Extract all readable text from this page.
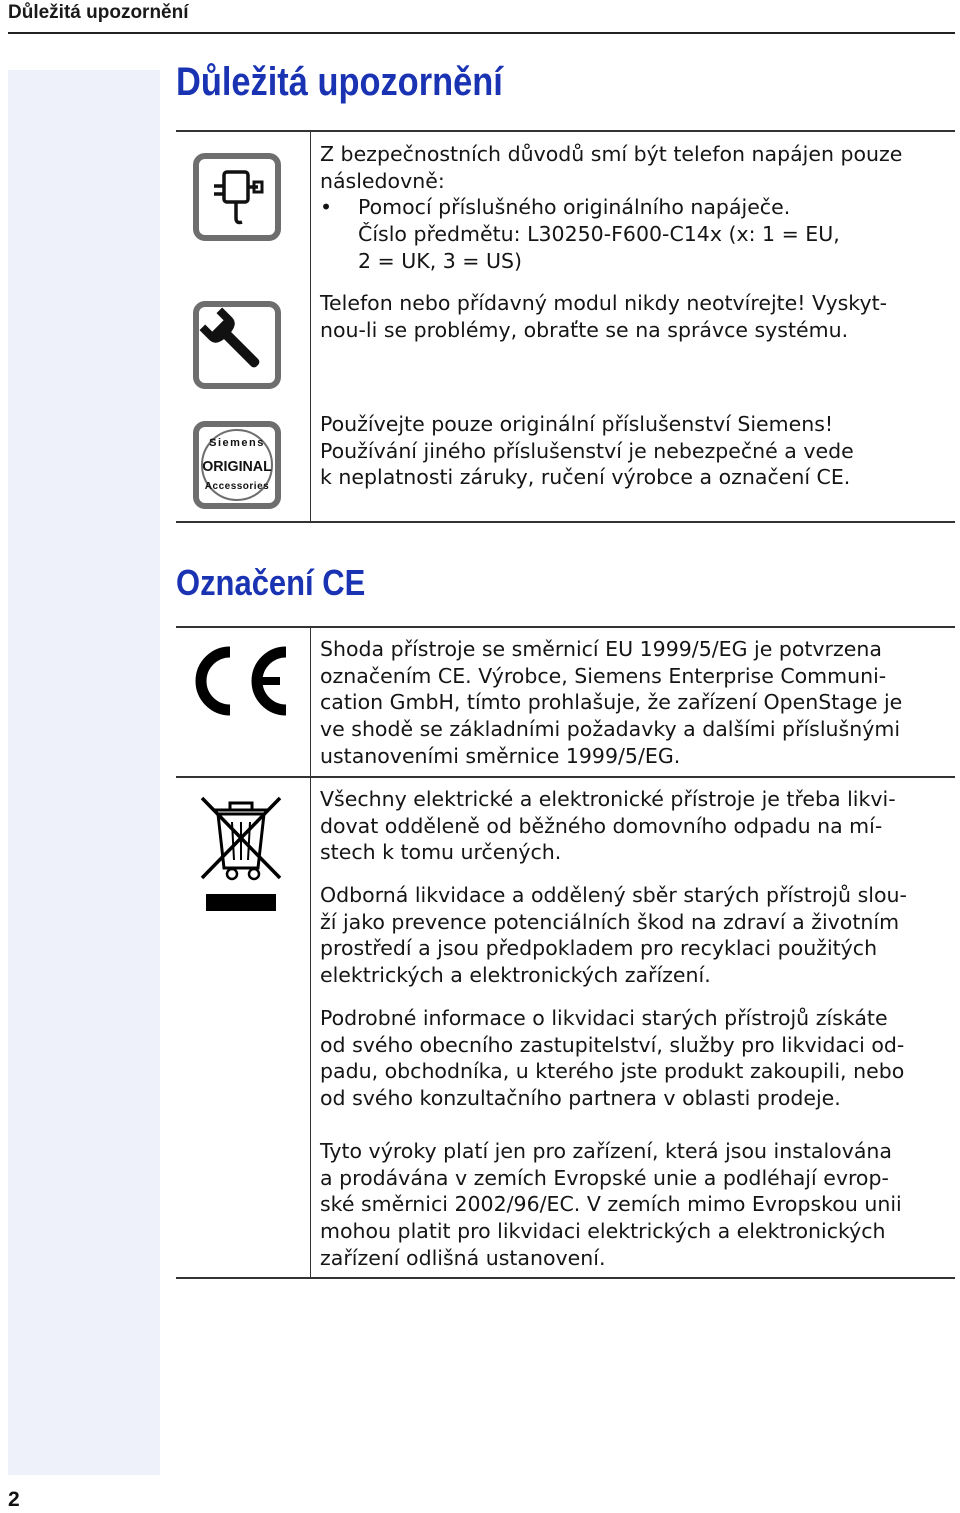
Důležitá upozornění
Důležitá upozornění
Siemens
ORIGINAL
Accessories
Z bezpečnostních důvodů smí být telefon napájen pouze
následovně:
•	Pomocí příslušného originálního napáječe.
Číslo předmětu: L30250-F600-C14x (x: 1 = EU,
2 = UK, 3 = US)
Telefon nebo přídavný modul nikdy neotvírejte! Vyskyt-
nou-li se problémy, obraťte se na správce systému.
Používejte pouze originální příslušenství Siemens!
Používání jiného příslušenství je nebezpečné a vede
k neplatnosti záruky, ručení výrobce a označení CE.
Označení CE
Shoda přístroje se směrnicí EU 1999/5/EG je potvrzena
označením CE. Výrobce, Siemens Enterprise Communi-
cation GmbH, tímto prohlašuje, že zařízení OpenStage je
ve shodě se základními požadavky a dalšími příslušnými
ustanoveními směrnice 1999/5/EG.
Všechny elektrické a elektronické přístroje je třeba likvi-
dovat odděleně od běžného domovního odpadu na mí-
stech k tomu určených.
Odborná likvidace a oddělený sběr starých přístrojů slou-
ží jako prevence potenciálních škod na zdraví a životním
prostředí a jsou předpokladem pro recyklaci použitých
elektrických a elektronických zařízení.
Podrobné informace o likvidaci starých přístrojů získáte
od svého obecního zastupitelství, služby pro likvidaci od-
padu, obchodníka, u kterého jste produkt zakoupili, nebo
od svého konzultačního partnera v oblasti prodeje.
Tyto výroky platí jen pro zařízení, která jsou instalována
a prodávána v zemích Evropské unie a podléhají evrop-
ské směrnici 2002/96/EC. V zemích mimo Evropskou unii
mohou platit pro likvidaci elektrických a elektronických
zařízení odlišná ustanovení.
2
